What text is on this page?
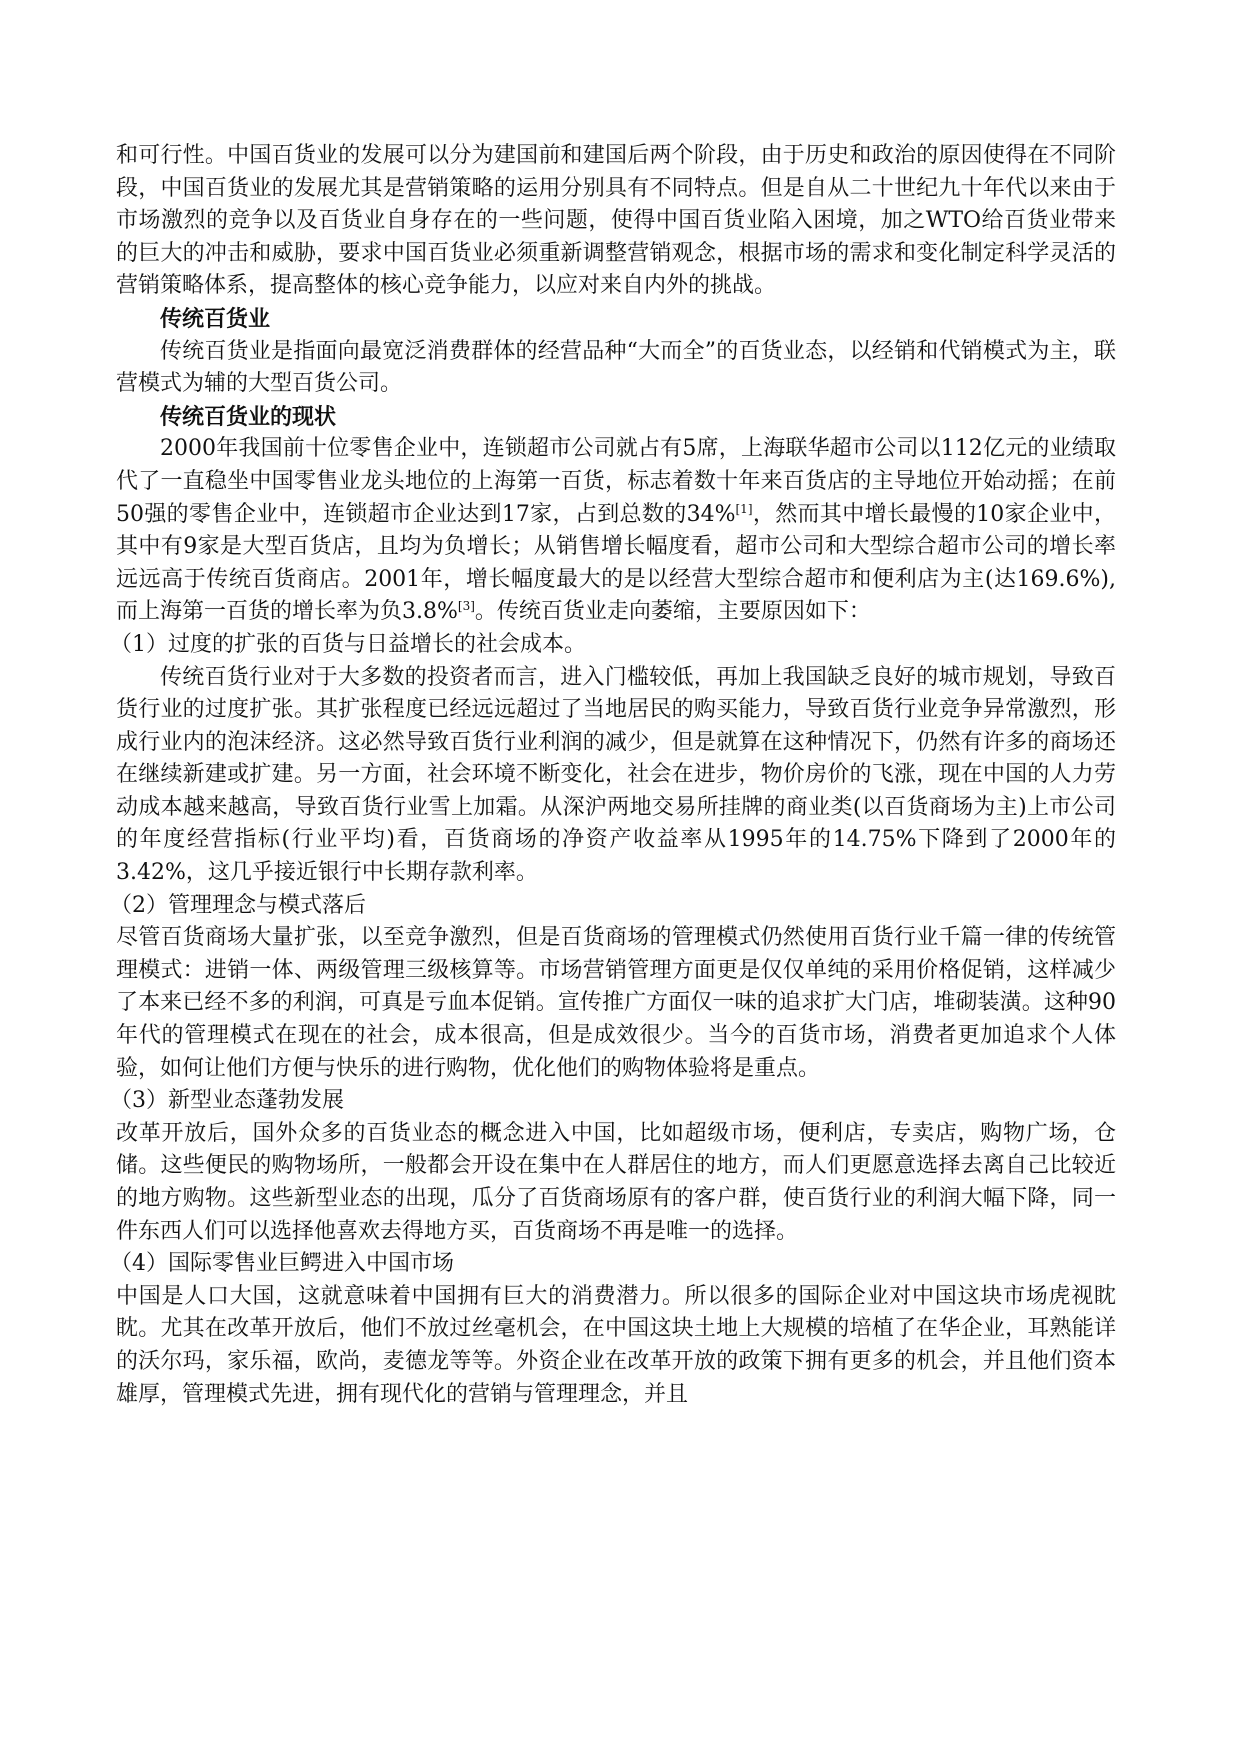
和可行性。中国百货业的发展可以分为建国前和建国后两个阶段，由于历史和政治的原因使得在不同阶段，中国百货业的发展尤其是营销策略的运用分别具有不同特点。但是自从二十世纪九十年代以来由于市场激烈的竞争以及百货业自身存在的一些问题，使得中国百货业陷入困境，加之WTO给百货业带来的巨大的冲击和威胁，要求中国百货业必须重新调整营销观念，根据市场的需求和变化制定科学灵活的营销策略体系，提高整体的核心竞争能力，以应对来自内外的挑战。

传统百货业

传统百货业是指面向最宽泛消费群体的经营品种“大而全”的百货业态，以经销和代销模式为主，联营模式为辅的大型百货公司。

传统百货业的现状

2000年我国前十位零售企业中，连锁超市公司就占有5席，上海联华超市公司以112亿元的业绩取代了一直稳坐中国零售业龙头地位的上海第一百货，标志着数十年来百货店的主导地位开始动摇；在前50强的零售企业中，连锁超市企业达到17家，占到总数的34%[1]，然而其中增长最慢的10家企业中，其中有9家是大型百货店，且均为负增长；从销售增长幅度看，超市公司和大型综合超市公司的增长率远远高于传统百货商店。2001年，增长幅度最大的是以经营大型综合超市和便利店为主(达169.6%),而上海第一百货的增长率为负3.8%[3]。传统百货业走向萎缩，主要原因如下：

（1）过度的扩张的百货与日益增长的社会成本。

传统百货行业对于大多数的投资者而言，进入门槛较低，再加上我国缺乏良好的城市规划，导致百货行业的过度扩张。其扩张程度已经远远超过了当地居民的购买能力，导致百货行业竞争异常激烈，形成行业内的泡沫经济。这必然导致百货行业利润的减少，但是就算在这种情况下，仍然有许多的商场还在继续新建或扩建。另一方面，社会环境不断变化，社会在进步，物价房价的飞涨，现在中国的人力劳动成本越来越高，导致百货行业雪上加霜。从深沪两地交易所挂牌的商业类(以百货商场为主)上市公司的年度经营指标(行业平均)看，百货商场的净资产收益率从1995年的14.75%下降到了2000年的3.42%，这几乎接近银行中长期存款利率。

（2）管理理念与模式落后

尽管百货商场大量扩张，以至竞争激烈，但是百货商场的管理模式仍然使用百货行业千篇一律的传统管理模式：进销一体、两级管理三级核算等。市场营销管理方面更是仅仅单纯的采用价格促销，这样减少了本来已经不多的利润，可真是亏血本促销。宣传推广方面仅一味的追求扩大门店，堆砌装潢。这种90年代的管理模式在现在的社会，成本很高，但是成效很少。当今的百货市场，消费者更加追求个人体验，如何让他们方便与快乐的进行购物，优化他们的购物体验将是重点。

（3）新型业态蓬勃发展

改革开放后，国外众多的百货业态的概念进入中国，比如超级市场，便利店，专卖店，购物广场，仓储。这些便民的购物场所，一般都会开设在集中在人群居住的地方，而人们更愿意选择去离自己比较近的地方购物。这些新型业态的出现，瓜分了百货商场原有的客户群，使百货行业的利润大幅下降，同一件东西人们可以选择他喜欢去得地方买，百货商场不再是唯一的选择。

（4）国际零售业巨鳄进入中国市场

中国是人口大国，这就意味着中国拥有巨大的消费潜力。所以很多的国际企业对中国这块市场虎视眈眈。尤其在改革开放后，他们不放过丝毫机会，在中国这块土地上大规模的培植了在华企业，耳熟能详的沃尔玛，家乐福，欧尚，麦德龙等等。外资企业在改革开放的政策下拥有更多的机会，并且他们资本雄厚，管理模式先进，拥有现代化的营销与管理理念，并且
